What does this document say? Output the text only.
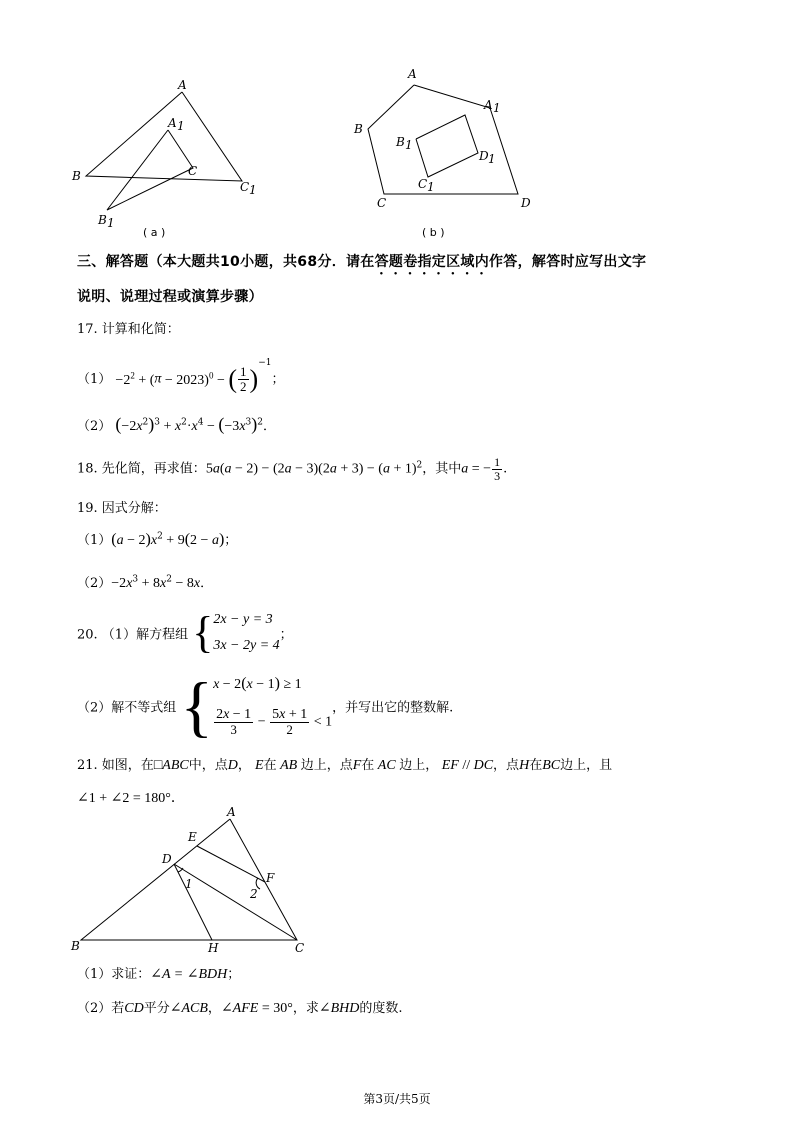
A
A 1
B	C
C 1
B 1
( a )
A
A 1
B
B 1
D 1
C 1
C	D
( b )
三、解答题（本大题共10小题，共68分．请在答题卷指定区域内作答，解答时应写出文字
说明、说理过程或演算步骤）
17. 计算和化简：
$(1) -2^2 + (\pi - 2023)^0$ − ( $\frac{1}{2} )^{-1}$；
（2） $(-2x^2)^3 + x^2\cdot x^4 - (-3x^3)^2$．
18. 先化简，再求值：$5a(a - 2) - (2a - 3)(2a + 3) - (a + 1)^2$，其中a = − $\frac{1}{3}$ .
19. 因式分解：
$(1)(a - 2)x^2 + 9(2 - a)$；
$(2)-2x^3 + 8x^2 - 8x$．
20. （1）解方程组 { 2x − y = 3
3x − 2y = 4
；
（2）解不等式组 { x − 2(x − 1) ≥ 1
$\frac{2x - 1}{3} - \frac{5x + 1}{2} < 1$
，并写出它的整数解.
21. 如图，在□ABC中，点D， E在 AB 边上，点F在 AC 边上， EF // DC，点H在BC边上，且
∠1 + ∠2 = 180°．
A
E
D
F
1
2
B	H	C
（1）求证：∠A = ∠BDH；
（2）若CD平分∠ACB，∠AFE = 30°，求∠BHD的度数.
第3页/共5页
